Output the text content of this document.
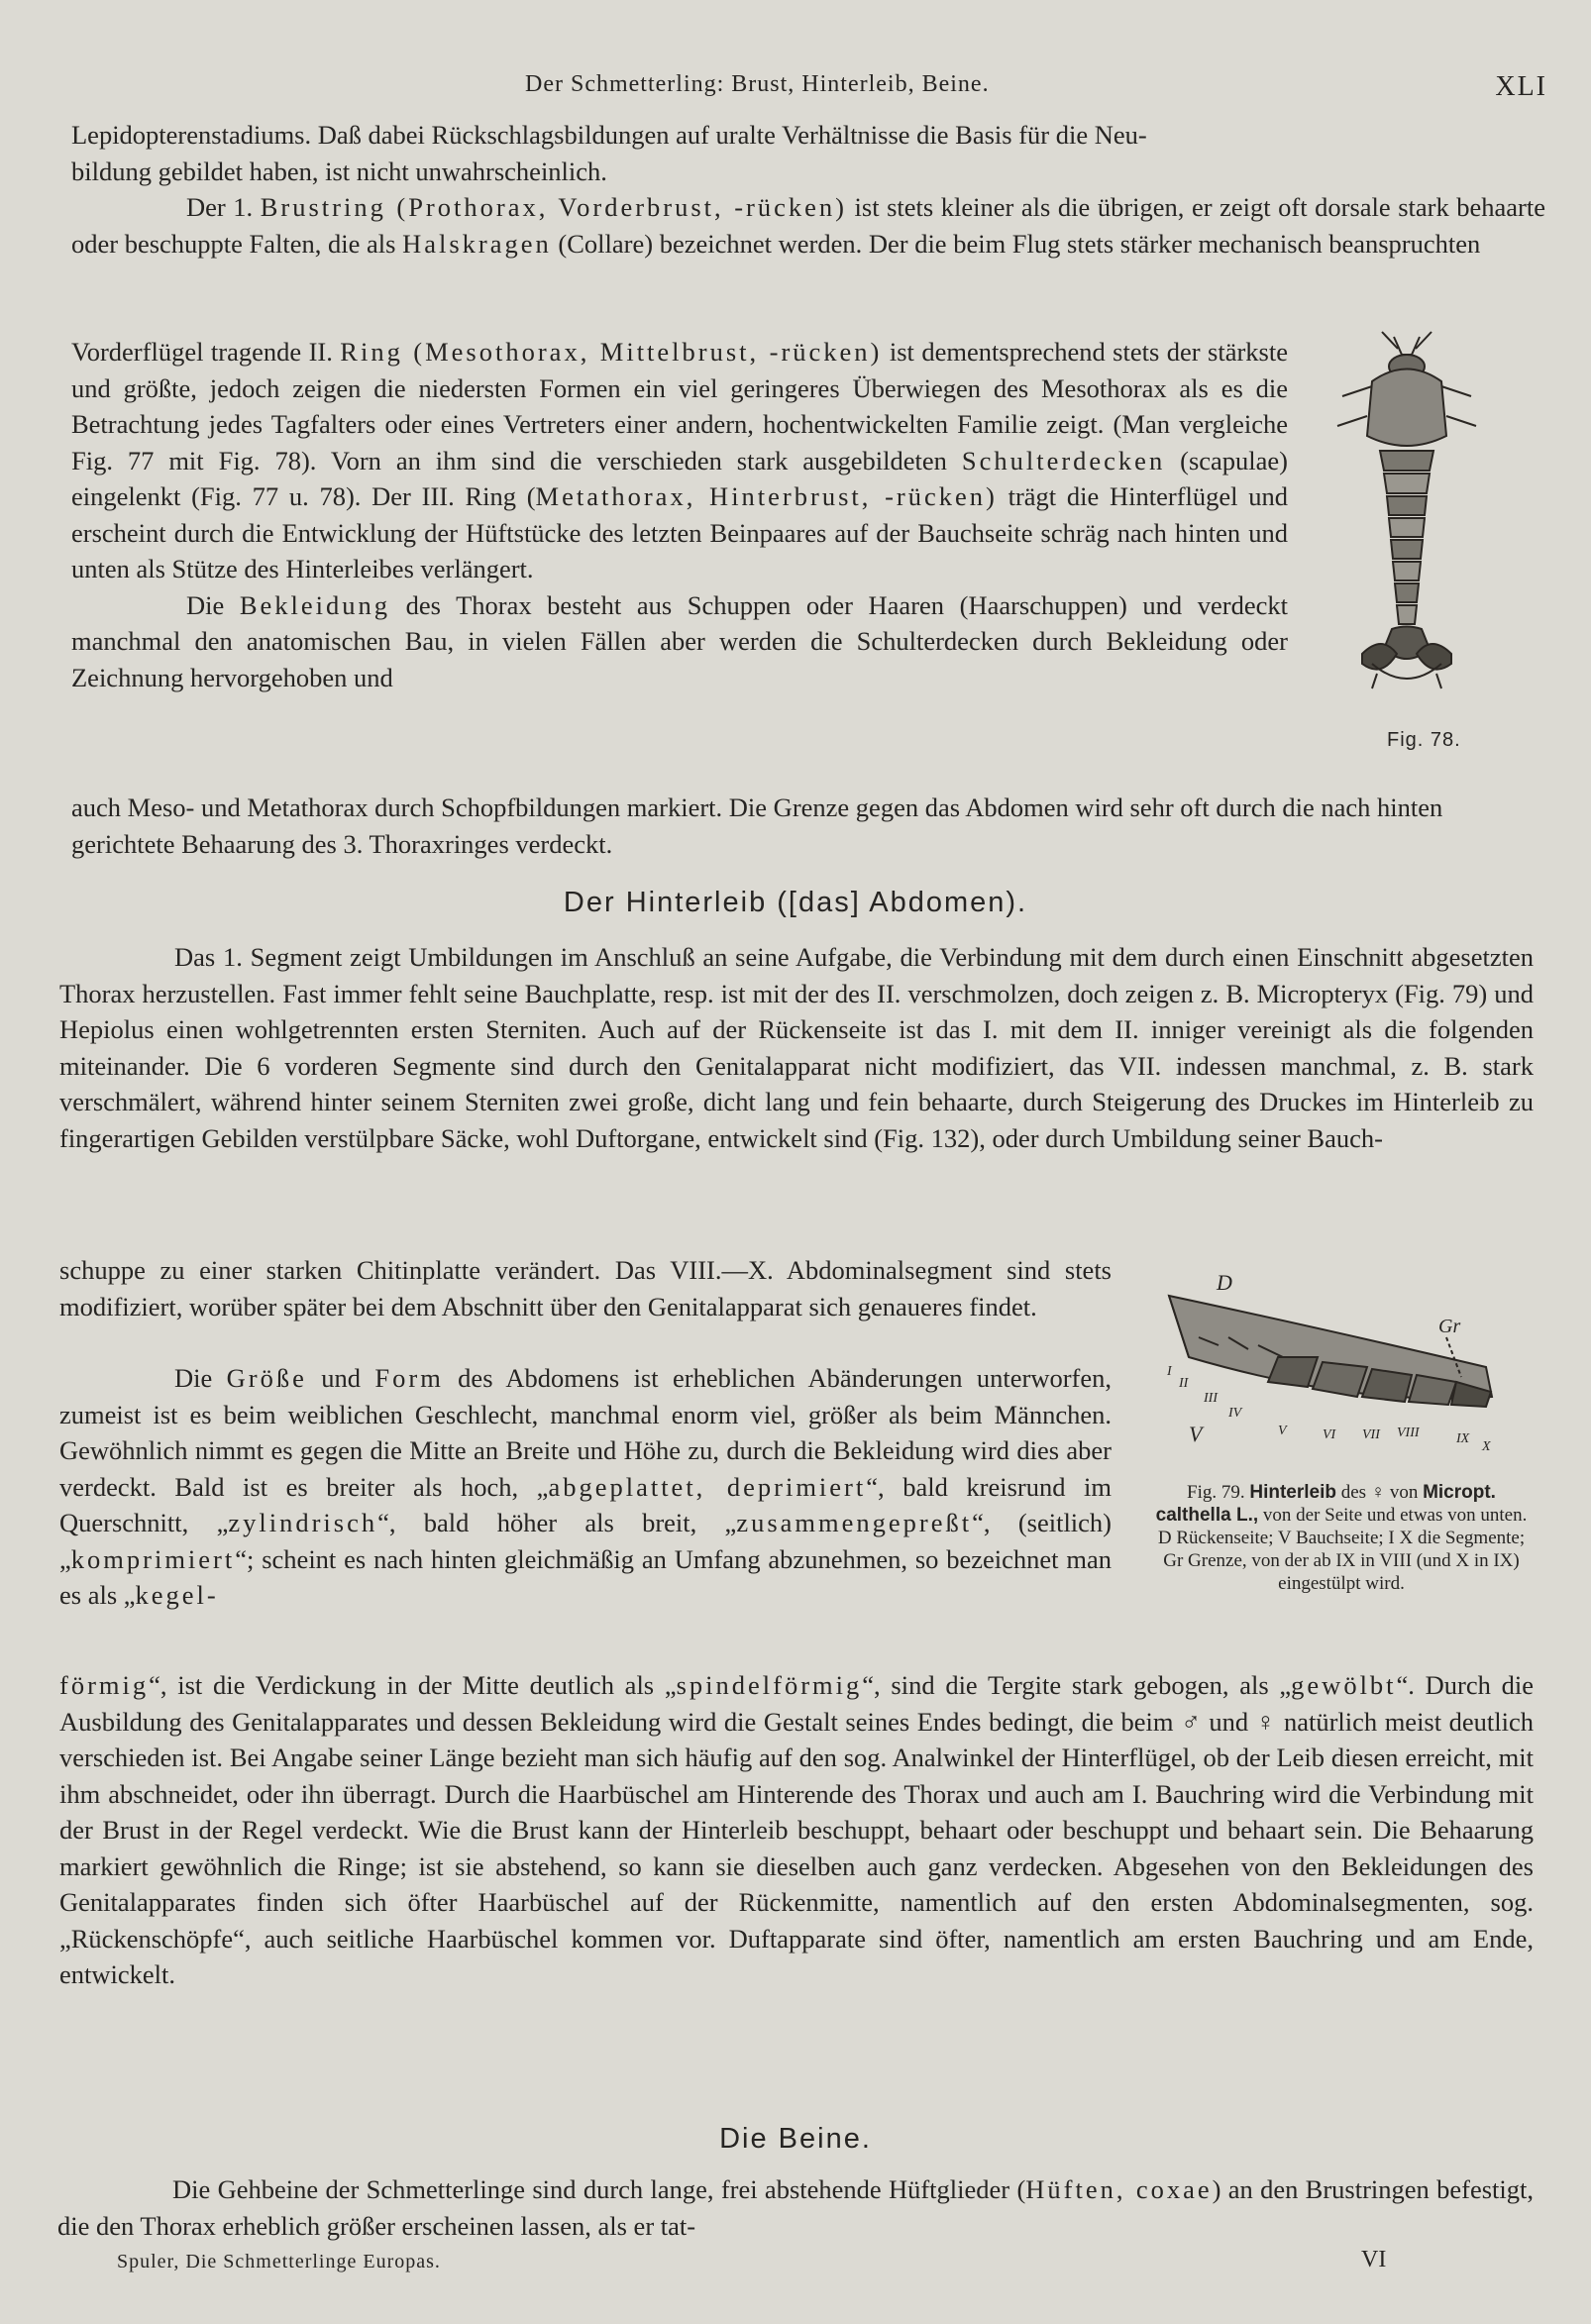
Der Schmetterling: Brust, Hinterleib, Beine.	XLI

Lepidopterenstadiums. Daß dabei Rückschlagsbildungen auf uralte Verhältnisse die Basis für die Neu-

bildung gebildet haben, ist nicht unwahrscheinlich.

Der 1. Brustring (Prothorax, Vorderbrust, -rücken) ist stets kleiner als die übrigen, er zeigt oft dorsale stark behaarte oder beschuppte Falten, die als Halskragen (Collare) bezeichnet werden. Der die beim Flug stets stärker mechanisch beanspruchten

Vorderflügel tragende II. Ring (Mesothorax, Mittelbrust, -rücken) ist dementsprechend stets der stärkste und größte, jedoch zeigen die niedersten Formen ein viel geringeres Überwiegen des Mesothorax als es die Betrachtung jedes Tagfalters oder eines Vertreters einer andern, hochentwickelten Familie zeigt. (Man vergleiche Fig. 77 mit Fig. 78). Vorn an ihm sind die verschieden stark ausgebildeten Schulterdecken (scapulae) eingelenkt (Fig. 77 u. 78). Der III. Ring (Metathorax, Hinterbrust, -rücken) trägt die Hinterflügel und erscheint durch die Entwicklung der Hüftstücke des letzten Beinpaares auf der Bauchseite schräg nach hinten und unten als Stütze des Hinterleibes verlängert.

Die Bekleidung des Thorax besteht aus Schuppen oder Haaren (Haarschuppen) und verdeckt manchmal den anatomischen Bau, in vielen Fällen aber werden die Schulterdecken durch Bekleidung oder Zeichnung hervorgehoben und

auch Meso- und Metathorax durch Schopfbildungen markiert. Die Grenze gegen das Abdomen wird sehr oft durch die nach hinten gerichtete Behaarung des 3. Thoraxringes verdeckt.

Fig. 78.
Der Hinterleib ([das] Abdomen).

Das 1. Segment zeigt Umbildungen im Anschluß an seine Aufgabe, die Verbindung mit dem durch einen Einschnitt abgesetzten Thorax herzustellen. Fast immer fehlt seine Bauchplatte, resp. ist mit der des II. verschmolzen, doch zeigen z. B. Micropteryx (Fig. 79) und Hepiolus einen wohlgetrennten ersten Sterniten. Auch auf der Rückenseite ist das I. mit dem II. inniger vereinigt als die folgenden miteinander. Die 6 vorderen Segmente sind durch den Genitalapparat nicht modifiziert, das VII. indessen manchmal, z. B. stark verschmälert, während hinter seinem Sterniten zwei große, dicht lang und fein behaarte, durch Steigerung des Druckes im Hinterleib zu fingerartigen Gebilden verstülpbare Säcke, wohl Duftorgane, entwickelt sind (Fig. 132), oder durch Umbildung seiner Bauch-

schuppe zu einer starken Chitinplatte verändert. Das VIII.—X. Abdominalsegment sind stets modifiziert, worüber später bei dem Abschnitt über den Genitalapparat sich genaueres findet.

D
Gr
V
I
II
III
IV
V	VI VII VIII	IX
X
Fig. 79. Hinterleib des ♀ von Micropt. calthella L., von der Seite und etwas von unten. D Rückenseite; V Bauchseite; I X die Segmente; Gr Grenze, von der ab IX in VIII (und X in IX) eingestülpt wird.

Die Größe und Form des Abdomens ist erheblichen Abänderungen unterworfen, zumeist ist es beim weiblichen Geschlecht, manchmal enorm viel, größer als beim Männchen. Gewöhnlich nimmt es gegen die Mitte an Breite und Höhe zu, durch die Bekleidung wird dies aber verdeckt. Bald ist es breiter als hoch, „abgeplattet, deprimiert“, bald kreisrund im Querschnitt, „zylindrisch“, bald höher als breit, „zusammengepreßt“, (seitlich) „komprimiert“; scheint es nach hinten gleichmäßig an Umfang abzunehmen, so bezeichnet man es als „kegel-

förmig“, ist die Verdickung in der Mitte deutlich als „spindelförmig“, sind die Tergite stark gebogen, als „gewölbt“. Durch die Ausbildung des Genitalapparates und dessen Bekleidung wird die Gestalt seines Endes bedingt, die beim ♂ und ♀ natürlich meist deutlich verschieden ist. Bei Angabe seiner Länge bezieht man sich häufig auf den sog. Analwinkel der Hinterflügel, ob der Leib diesen erreicht, mit ihm abschneidet, oder ihn überragt. Durch die Haarbüschel am Hinterende des Thorax und auch am I. Bauchring wird die Verbindung mit der Brust in der Regel verdeckt. Wie die Brust kann der Hinterleib beschuppt, behaart oder beschuppt und behaart sein. Die Behaarung markiert gewöhnlich die Ringe; ist sie abstehend, so kann sie dieselben auch ganz verdecken. Abgesehen von den Bekleidungen des Genitalapparates finden sich öfter Haarbüschel auf der Rückenmitte, namentlich auf den ersten Abdominalsegmenten, sog. „Rückenschöpfe“, auch seitliche Haarbüschel kommen vor. Duftapparate sind öfter, namentlich am ersten Bauchring und am Ende, entwickelt.

Die Beine.

Die Gehbeine der Schmetterlinge sind durch lange, frei abstehende Hüftglieder (Hüften, coxae) an den Brustringen befestigt, die den Thorax erheblich größer erscheinen lassen, als er tat-

Spuler, Die Schmetterlinge Europas.	VI
